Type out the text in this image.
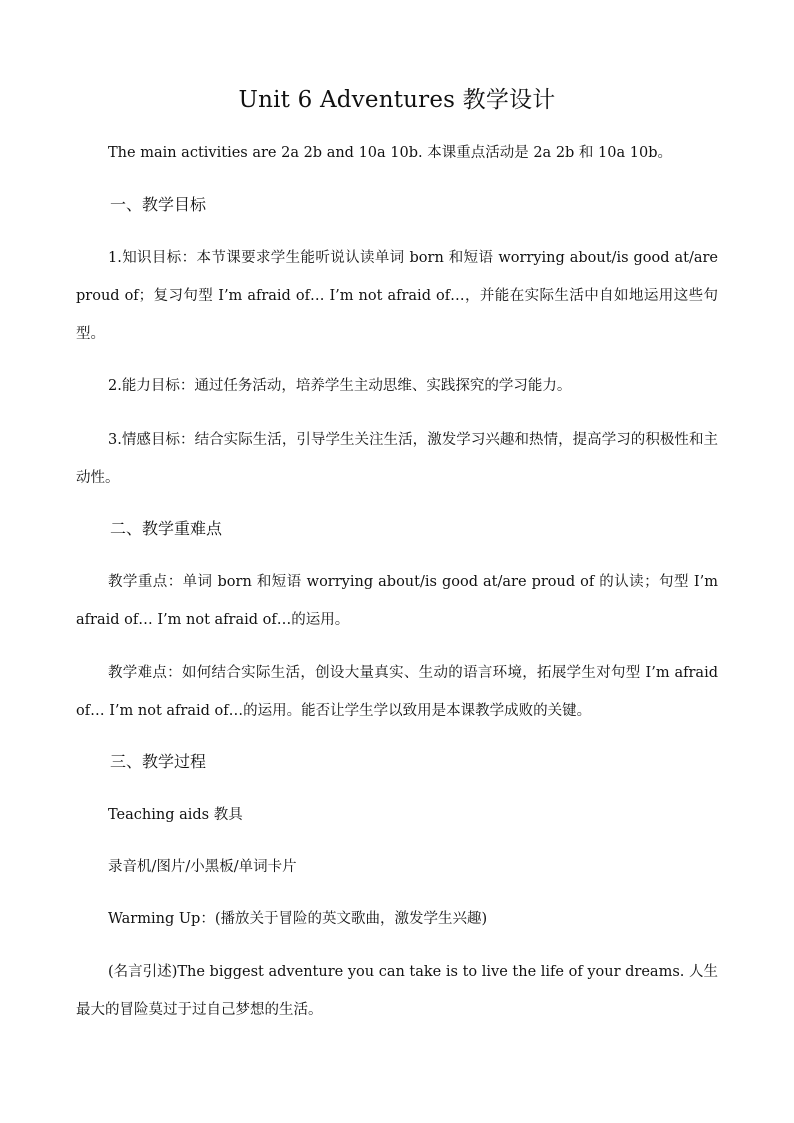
Unit 6 Adventures 教学设计

The main activities are 2a 2b and 10a 10b. 本课重点活动是 2a 2b 和 10a 10b。

一、教学目标

1.知识目标：本节课要求学生能听说认读单词 born 和短语 worrying about/is good at/are proud of；复习句型 I’m afraid of… I’m not afraid of…，并能在实际生活中自如地运用这些句型。

2.能力目标：通过任务活动，培养学生主动思维、实践探究的学习能力。

3.情感目标：结合实际生活，引导学生关注生活，激发学习兴趣和热情，提高学习的积极性和主动性。

二、教学重难点

教学重点：单词 born 和短语 worrying about/is good at/are proud of 的认读；句型 I’m afraid of… I’m not afraid of…的运用。

教学难点：如何结合实际生活，创设大量真实、生动的语言环境，拓展学生对句型 I’m afraid of… I’m not afraid of…的运用。能否让学生学以致用是本课教学成败的关键。

三、教学过程

Teaching aids 教具

录音机/图片/小黑板/单词卡片

Warming Up：(播放关于冒险的英文歌曲，激发学生兴趣)

(名言引述)The biggest adventure you can take is to live the life of your dreams. 人生最大的冒险莫过于过自己梦想的生活。
